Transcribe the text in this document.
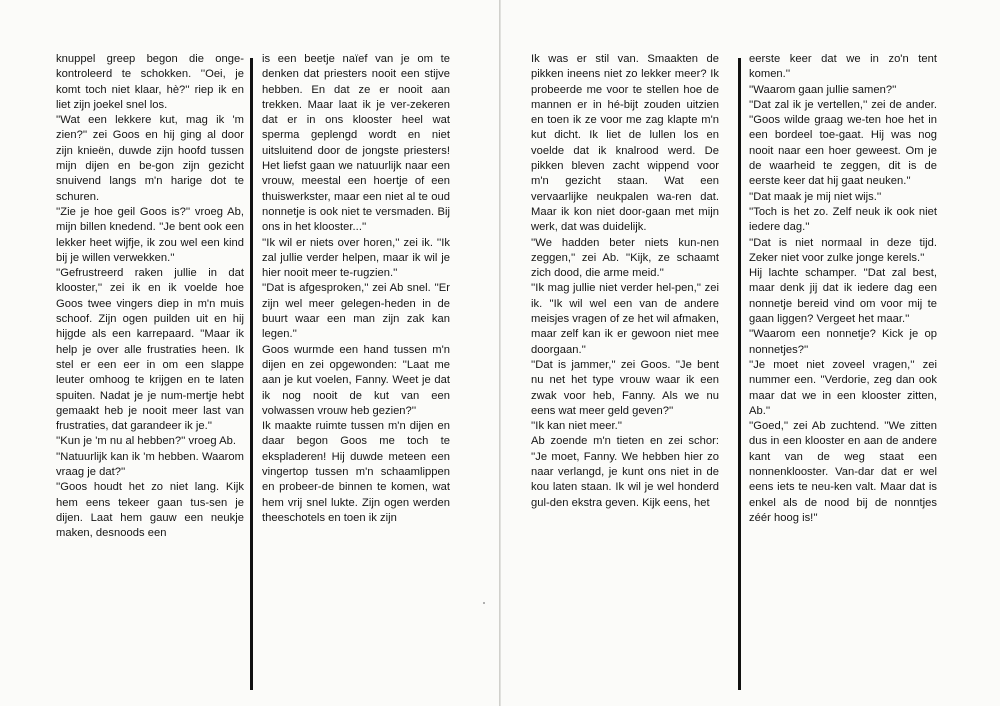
knuppel greep begon die onge-kontroleerd te schokken. ''Oei, je komt toch niet klaar, hè?'' riep ik en liet zijn joekel snel los.

''Wat een lekkere kut, mag ik 'm zien?'' zei Goos en hij ging al door zijn knieën, duwde zijn hoofd tussen mijn dijen en be-gon zijn gezicht snuivend langs m'n harige dot te schuren.

''Zie je hoe geil Goos is?'' vroeg Ab, mijn billen knedend. ''Je bent ook een lekker heet wijfje, ik zou wel een kind bij je willen verwekken.''

''Gefrustreerd raken jullie in dat klooster,'' zei ik en ik voelde hoe Goos twee vingers diep in m'n muis schoof. Zijn ogen puilden uit en hij hijgde als een karrepaard. ''Maar ik help je over alle frustraties heen. Ik stel er een eer in om een slappe leuter omhoog te krijgen en te laten spuiten. Nadat je je num-mertje hebt gemaakt heb je nooit meer last van frustraties, dat garandeer ik je.''

''Kun je 'm nu al hebben?'' vroeg Ab.

''Natuurlijk kan ik 'm hebben. Waarom vraag je dat?''

''Goos houdt het zo niet lang. Kijk hem eens tekeer gaan tus-sen je dijen. Laat hem gauw een neukje maken, desnoods een

is een beetje naïef van je om te denken dat priesters nooit een stijve hebben. En dat ze er nooit aan trekken. Maar laat ik je ver-zekeren dat er in ons klooster heel wat sperma geplengd wordt en niet uitsluitend door de jongste priesters! Het liefst gaan we natuurlijk naar een vrouw, meestal een hoertje of een thuiswerkster, maar een niet al te oud nonnetje is ook niet te versmaden. Bij ons in het klooster...''

''Ik wil er niets over horen,'' zei ik. ''Ik zal jullie verder helpen, maar ik wil je hier nooit meer te-rugzien.''

''Dat is afgesproken,'' zei Ab snel. ''Er zijn wel meer gelegen-heden in de buurt waar een man zijn zak kan legen.''

Goos wurmde een hand tussen m'n dijen en zei opgewonden: ''Laat me aan je kut voelen, Fanny. Weet je dat ik nog nooit de kut van een volwassen vrouw heb gezien?''

Ik maakte ruimte tussen m'n dijen en daar begon Goos me toch te ekspladeren! Hij duwde meteen een vingertop tussen m'n schaamlippen en probeer-de binnen te komen, wat hem vrij snel lukte. Zijn ogen werden theeschotels en toen ik zijn

Ik was er stil van. Smaakten de pikken ineens niet zo lekker meer? Ik probeerde me voor te stellen hoe de mannen er in hé-bijt zouden uitzien en toen ik ze voor me zag klapte m'n kut dicht. Ik liet de lullen los en voelde dat ik knalrood werd. De pikken bleven zacht wippend voor m'n gezicht staan. Wat een vervaarlijke neukpalen wa-ren dat. Maar ik kon niet door-gaan met mijn werk, dat was duidelijk.

''We hadden beter niets kun-nen zeggen,'' zei Ab. ''Kijk, ze schaamt zich dood, die arme meid.''

''Ik mag jullie niet verder hel-pen,'' zei ik. ''Ik wil wel een van de andere meisjes vragen of ze het wil afmaken, maar zelf kan ik er gewoon niet mee doorgaan.''

''Dat is jammer,'' zei Goos. ''Je bent nu net het type vrouw waar ik een zwak voor heb, Fanny. Als we nu eens wat meer geld geven?''

''Ik kan niet meer.''

Ab zoende m'n tieten en zei schor: ''Je moet, Fanny. We hebben hier zo naar verlangd, je kunt ons niet in de kou laten staan. Ik wil je wel honderd gul-den ekstra geven. Kijk eens, het

eerste keer dat we in zo'n tent komen.''

''Waarom gaan jullie samen?''

''Dat zal ik je vertellen,'' zei de ander. ''Goos wilde graag we-ten hoe het in een bordeel toe-gaat. Hij was nog nooit naar een hoer geweest. Om je de waarheid te zeggen, dit is de eerste keer dat hij gaat neuken.''

''Dat maak je mij niet wijs.''

''Toch is het zo. Zelf neuk ik ook niet iedere dag.''

''Dat is niet normaal in deze tijd. Zeker niet voor zulke jonge kerels.''

Hij lachte schamper. ''Dat zal best, maar denk jij dat ik iedere dag een nonnetje bereid vind om voor mij te gaan liggen? Vergeet het maar.''

''Waarom een nonnetje? Kick je op nonnetjes?''

''Je moet niet zoveel vragen,'' zei nummer een. ''Verdorie, zeg dan ook maar dat we in een klooster zitten, Ab.''

''Goed,'' zei Ab zuchtend. ''We zitten dus in een klooster en aan de andere kant van de weg staat een nonnenklooster. Van-dar dat er wel eens iets te neu-ken valt. Maar dat is enkel als de nood bij de nonntjes zéér hoog is!''
